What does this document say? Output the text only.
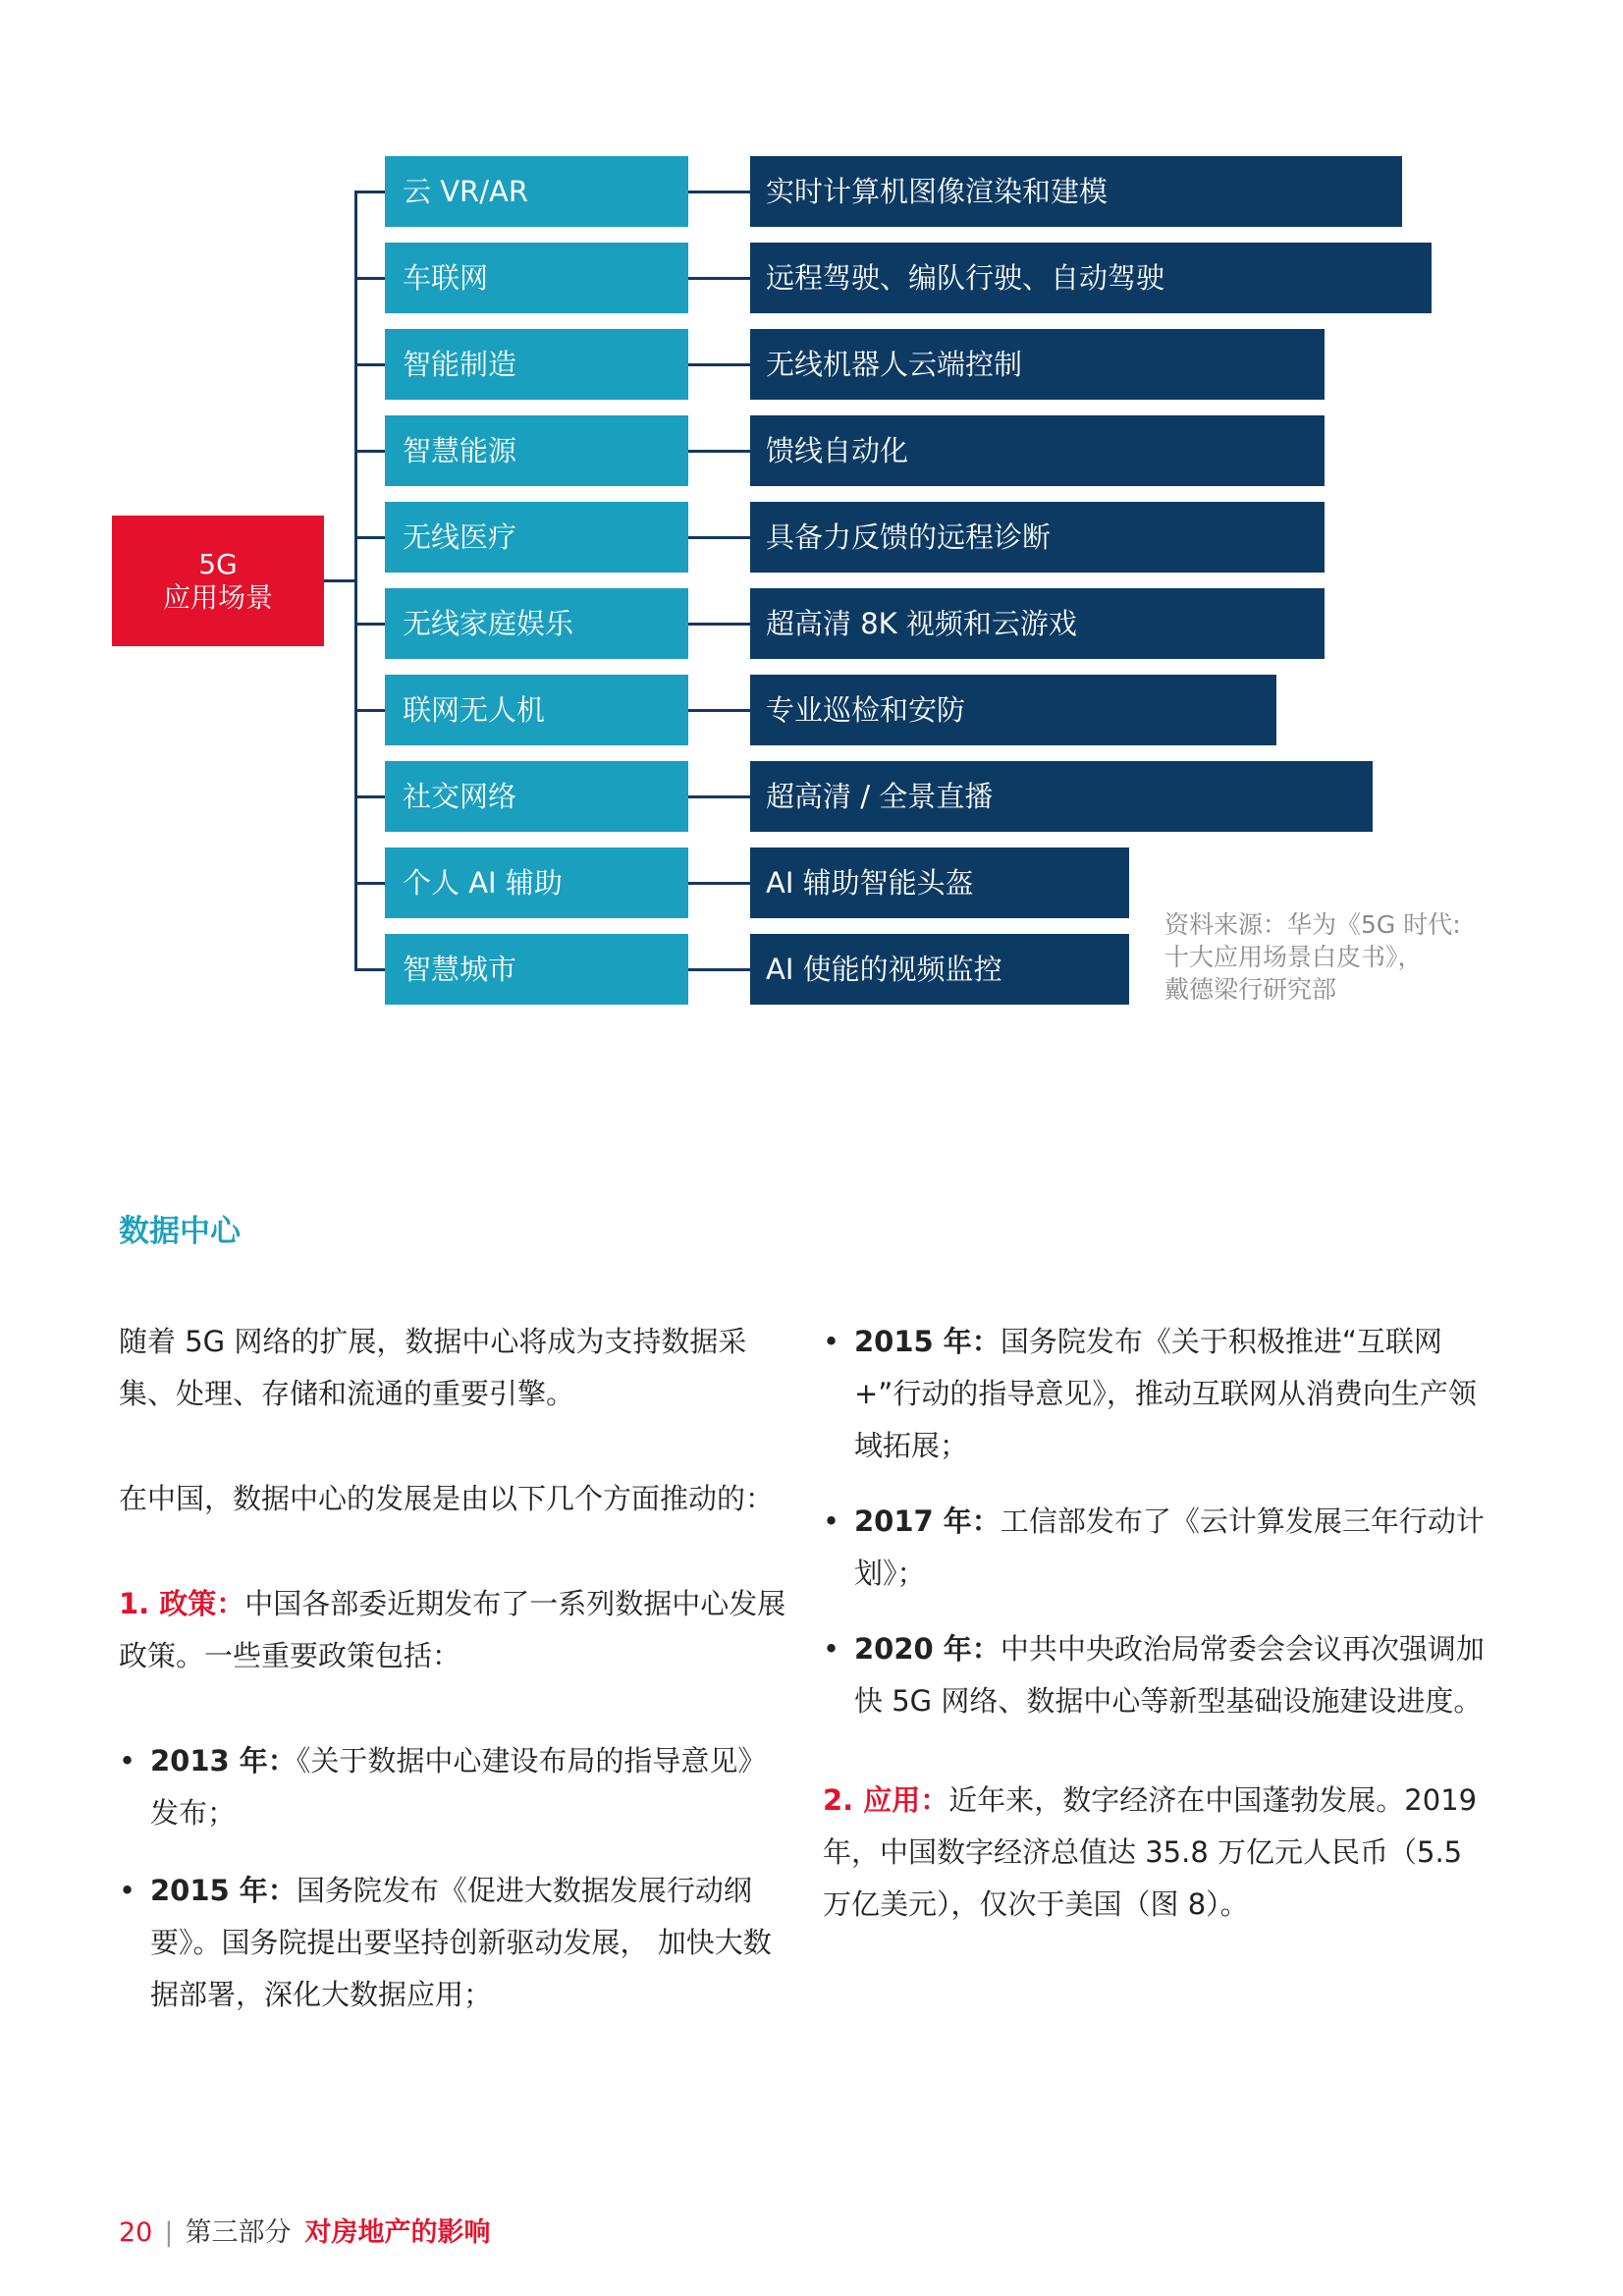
5G
应用场景
云 VR/AR
车联网
智能制造
智慧能源
无线医疗
无线家庭娱乐
联网无人机
社交网络
个人 AI 辅助
智慧城市
实时计算机图像渲染和建模
远程驾驶、编队行驶、自动驾驶
无线机器人云端控制
馈线自动化
具备力反馈的远程诊断
超高清 8K 视频和云游戏
专业巡检和安防
超高清 / 全景直播
AI 辅助智能头盔
AI 使能的视频监控
资料来源：华为《5G 时代:
十大应用场景白皮书》，
戴德梁行研究部
数据中心

随着 5G 网络的扩展，数据中心将成为支持数据采集、处理、存储和流通的重要引擎。

在中国，数据中心的发展是由以下几个方面推动的：

1. 政策：中国各部委近期发布了一系列数据中心发展政策。一些重要政策包括：

• 2013 年：《关于数据中心建设布局的指导意见》发布；

• 2015 年：国务院发布《促进大数据发展行动纲要》。国务院提出要坚持创新驱动发展， 加快大数据部署，深化大数据应用；

• 2015 年：国务院发布《关于积极推进“互联网+”行动的指导意见》，推动互联网从消费向生产领域拓展；

• 2017 年：工信部发布了《云计算发展三年行动计划》；

• 2020 年：中共中央政治局常委会会议再次强调加快 5G 网络、数据中心等新型基础设施建设进度。

2. 应用：近年来，数字经济在中国蓬勃发展。2019 年，中国数字经济总值达 35.8 万亿元人民币（5.5 万亿美元），仅次于美国（图 8）。

20 | 第三部分 对房地产的影响
